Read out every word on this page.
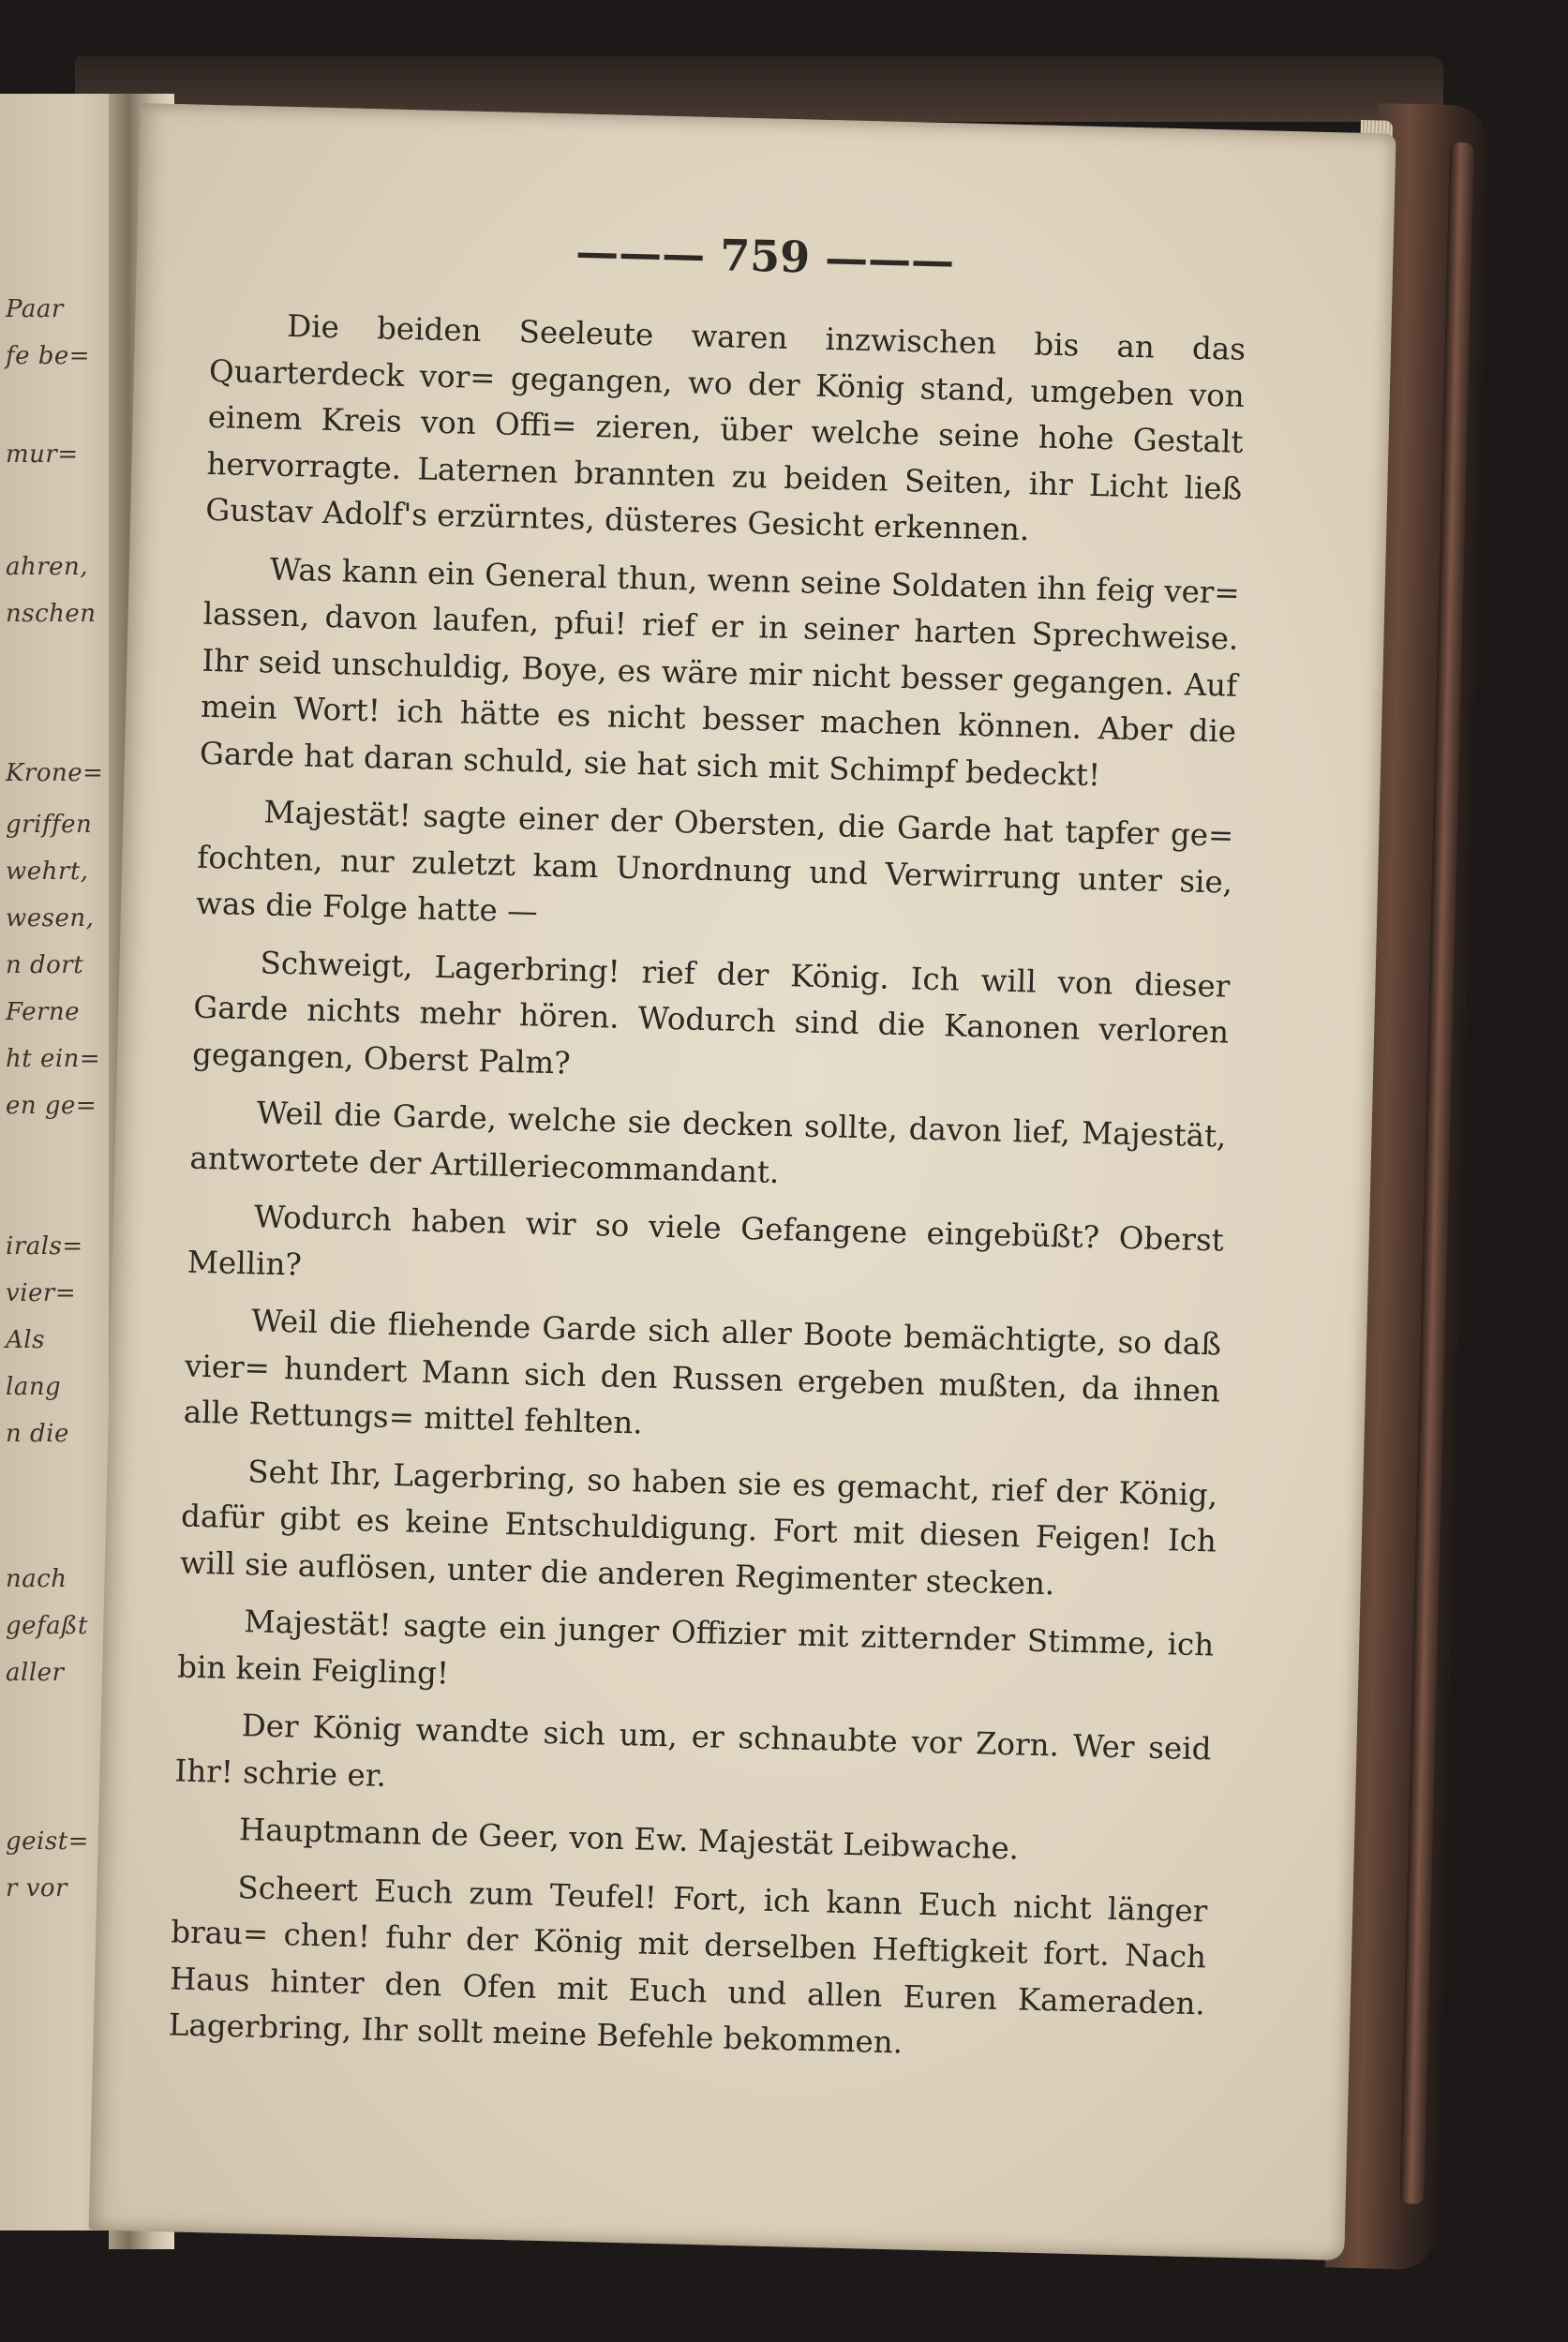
Paar
fe be=
mur=
ahren,
nschen
Krone=
griffen
wehrt,
wesen,
n dort
Ferne
ht ein=
en ge=
irals=
vier=
Als
lang
n die
nach
gefaßt
aller
geist=
r vor
——— 759 ———

Die beiden Seeleute waren inzwischen bis an das Quarterdeck vor= gegangen, wo der König stand, umgeben von einem Kreis von Offi= zieren, über welche seine hohe Gestalt hervorragte. Laternen brannten zu beiden Seiten, ihr Licht ließ Gustav Adolf's erzürntes, düsteres Gesicht erkennen.

Was kann ein General thun, wenn seine Soldaten ihn feig ver= lassen, davon laufen, pfui! rief er in seiner harten Sprechweise. Ihr seid unschuldig, Boye, es wäre mir nicht besser gegangen. Auf mein Wort! ich hätte es nicht besser machen können. Aber die Garde hat daran schuld, sie hat sich mit Schimpf bedeckt!

Majestät! sagte einer der Obersten, die Garde hat tapfer ge= fochten, nur zuletzt kam Unordnung und Verwirrung unter sie, was die Folge hatte —

Schweigt, Lagerbring! rief der König. Ich will von dieser Garde nichts mehr hören. Wodurch sind die Kanonen verloren gegangen, Oberst Palm?

Weil die Garde, welche sie decken sollte, davon lief, Majestät, antwortete der Artilleriecommandant.

Wodurch haben wir so viele Gefangene eingebüßt? Oberst Mellin?

Weil die fliehende Garde sich aller Boote bemächtigte, so daß vier= hundert Mann sich den Russen ergeben mußten, da ihnen alle Rettungs= mittel fehlten.

Seht Ihr, Lagerbring, so haben sie es gemacht, rief der König, dafür gibt es keine Entschuldigung. Fort mit diesen Feigen! Ich will sie auflösen, unter die anderen Regimenter stecken.

Majestät! sagte ein junger Offizier mit zitternder Stimme, ich bin kein Feigling!

Der König wandte sich um, er schnaubte vor Zorn. Wer seid Ihr! schrie er.

Hauptmann de Geer, von Ew. Majestät Leibwache.

Scheert Euch zum Teufel! Fort, ich kann Euch nicht länger brau= chen! fuhr der König mit derselben Heftigkeit fort. Nach Haus hinter den Ofen mit Euch und allen Euren Kameraden. Lagerbring, Ihr sollt meine Befehle bekommen.
